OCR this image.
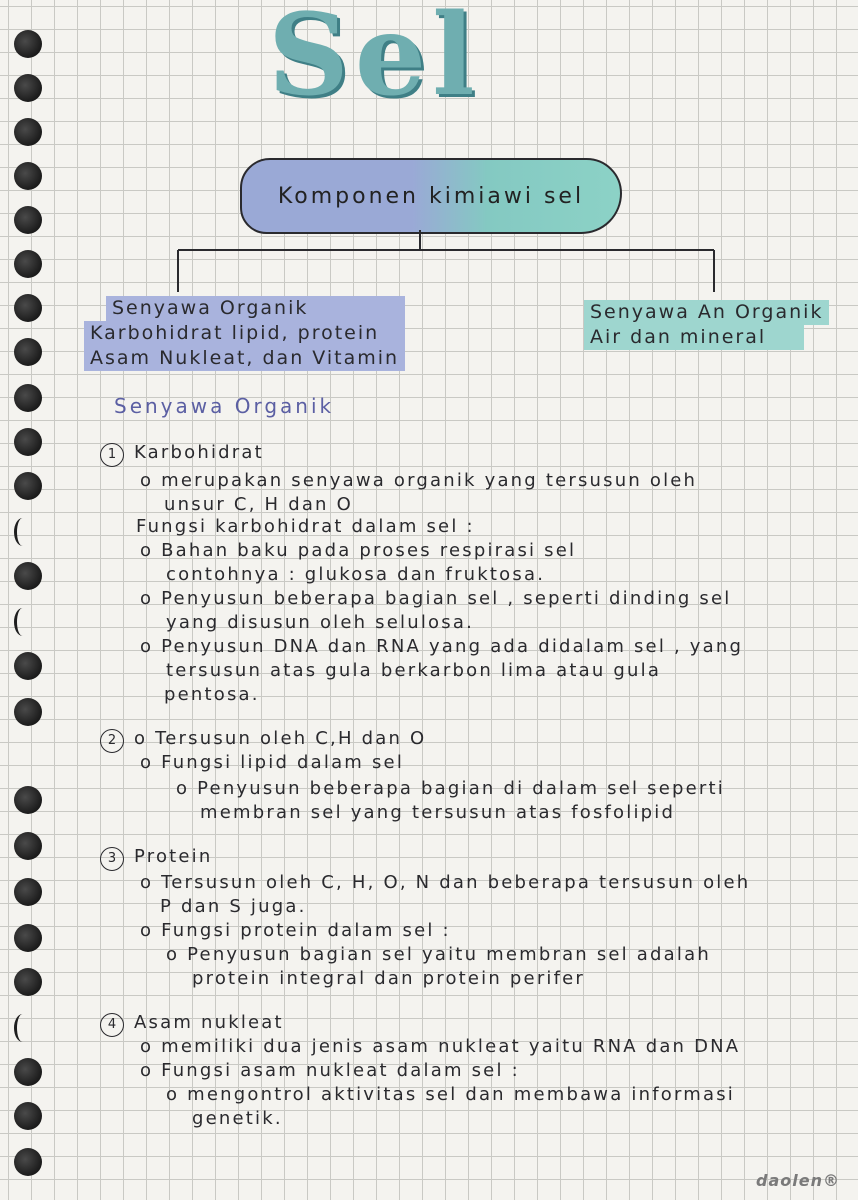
Sel
Komponen kimiawi sel
Senyawa Organik
Karbohidrat lipid, protein
Asam Nukleat, dan Vitamin
Senyawa An Organik
Air dan mineral
Senyawa Organik
1 Karbohidrat
o merupakan senyawa organik yang tersusun oleh
unsur C, H dan O
Fungsi karbohidrat dalam sel :
o Bahan baku pada proses respirasi sel
contohnya : glukosa dan fruktosa.
o Penyusun beberapa bagian sel , seperti dinding sel
yang disusun oleh selulosa.
o Penyusun DNA dan RNA yang ada didalam sel , yang
tersusun atas gula berkarbon lima atau gula
pentosa.
2 o Tersusun oleh C,H dan O
o Fungsi lipid dalam sel
o Penyusun beberapa bagian di dalam sel seperti
membran sel yang tersusun atas fosfolipid
3 Protein
o Tersusun oleh C, H, O, N dan beberapa tersusun oleh
P dan S juga.
o Fungsi protein dalam sel :
o Penyusun bagian sel yaitu membran sel adalah
protein integral dan protein perifer
4 Asam nukleat
o memiliki dua jenis asam nukleat yaitu RNA dan DNA
o Fungsi asam nukleat dalam sel :
o mengontrol aktivitas sel dan membawa informasi
genetik.
daolen®
